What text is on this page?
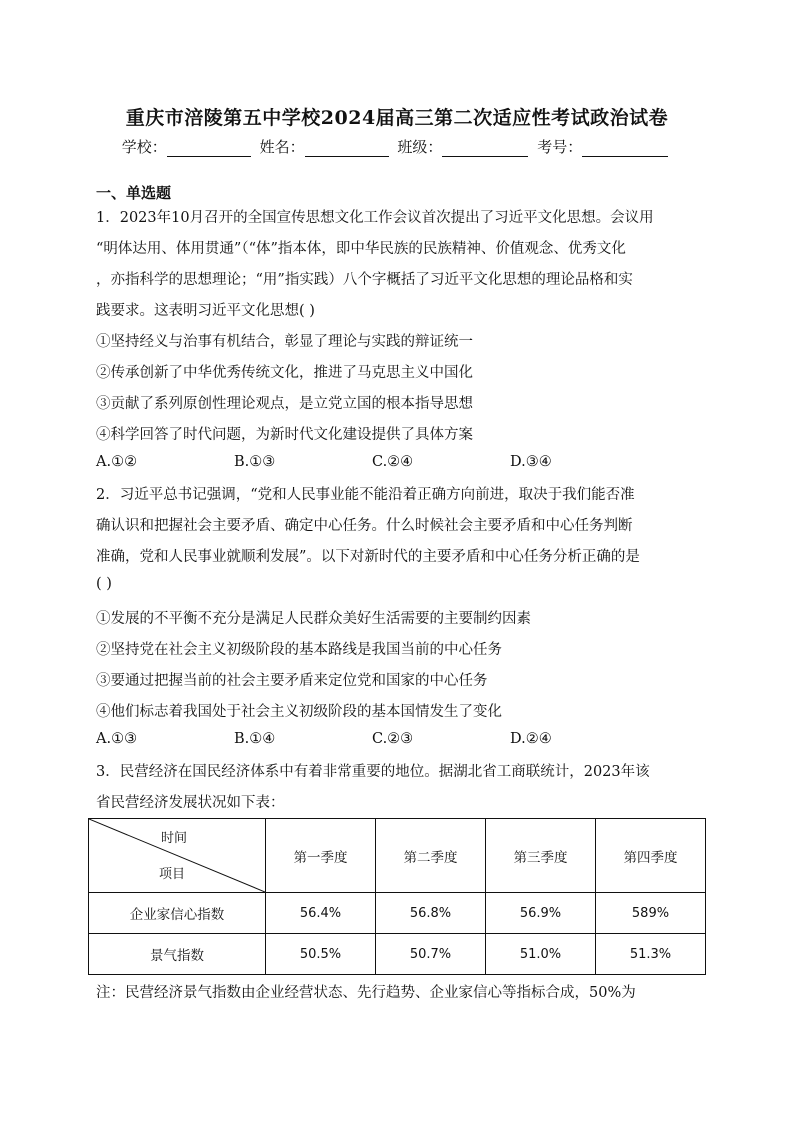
重庆市涪陵第五中学校2024届高三第二次适应性考试政治试卷
学校：	姓名：	班级：	考号：
一、单选题
1．2023年10月召开的全国宣传思想文化工作会议首次提出了习近平文化思想。会议用
“明体达用、体用贯通”（“体”指本体，即中华民族的民族精神、价值观念、优秀文化
，亦指科学的思想理论；“用”指实践）八个字概括了习近平文化思想的理论品格和实
践要求。这表明习近平文化思想( )
①坚持经义与治事有机结合，彰显了理论与实践的辩证统一
②传承创新了中华优秀传统文化，推进了马克思主义中国化
③贡献了系列原创性理论观点，是立党立国的根本指导思想
④科学回答了时代问题，为新时代文化建设提供了具体方案
A.①②	B.①③	C.②④	D.③④
2．习近平总书记强调，“党和人民事业能不能沿着正确方向前进，取决于我们能否准
确认识和把握社会主要矛盾、确定中心任务。什么时候社会主要矛盾和中心任务判断
准确，党和人民事业就顺利发展”。以下对新时代的主要矛盾和中心任务分析正确的是
( )
①发展的不平衡不充分是满足人民群众美好生活需要的主要制约因素
②坚持党在社会主义初级阶段的基本路线是我国当前的中心任务
③要通过把握当前的社会主要矛盾来定位党和国家的中心任务
④他们标志着我国处于社会主义初级阶段的基本国情发生了变化
A.①③	B.①④	C.②③	D.②④
3．民营经济在国民经济体系中有着非常重要的地位。据湖北省工商联统计，2023年该
省民营经济发展状况如下表：
时间
项目	第一季度	第二季度	第三季度	第四季度
企业家信心指数	56.4%	56.8%	56.9%	589%
景气指数	50.5%	50.7%	51.0%	51.3%
注：民营经济景气指数由企业经营状态、先行趋势、企业家信心等指标合成，50%为
